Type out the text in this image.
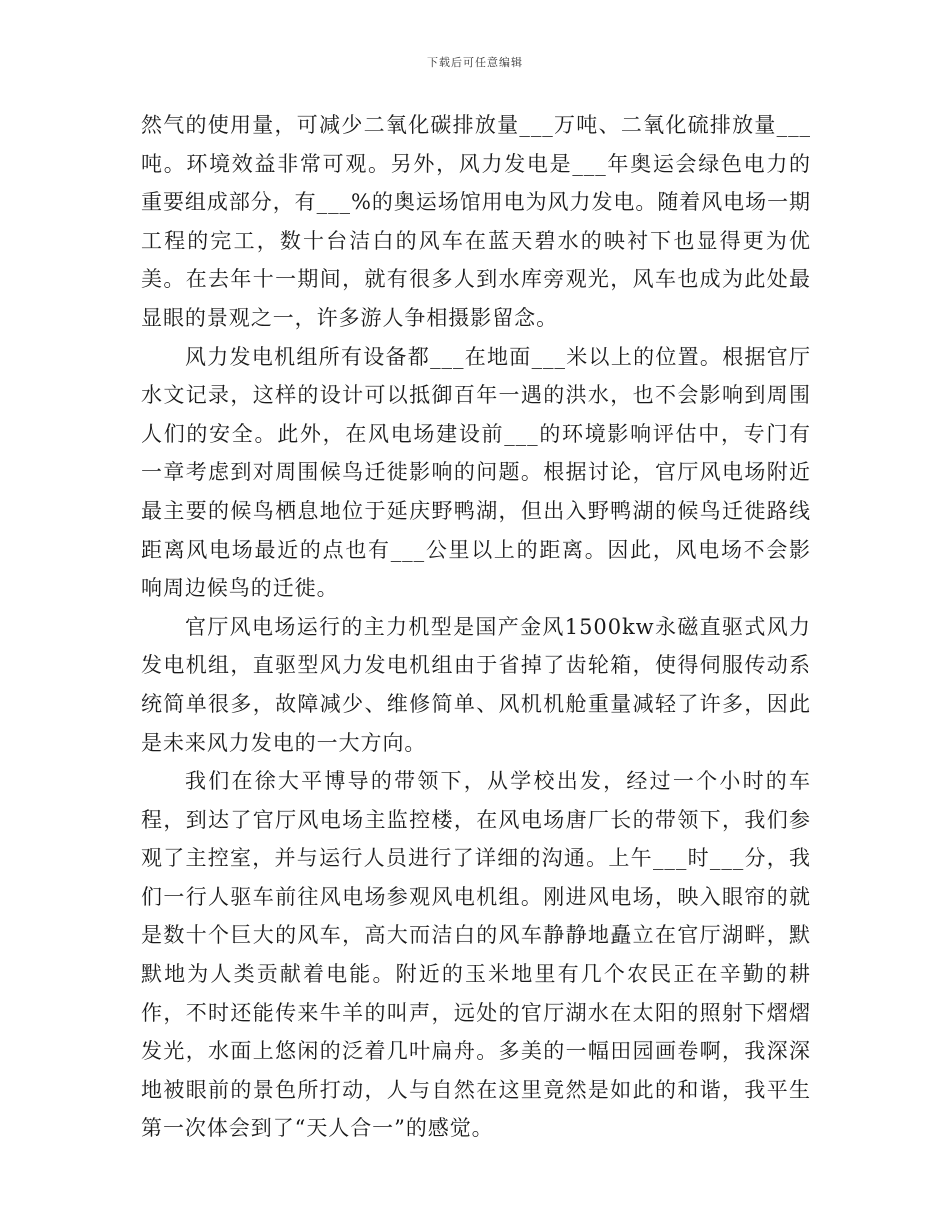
下载后可任意编辑

然气的使用量，可减少二氧化碳排放量___万吨、二氧化硫排放量___吨。环境效益非常可观。另外，风力发电是___年奥运会绿色电力的重要组成部分，有___%的奥运场馆用电为风力发电。随着风电场一期工程的完工，数十台洁白的风车在蓝天碧水的映衬下也显得更为优美。在去年十一期间，就有很多人到水库旁观光，风车也成为此处最显眼的景观之一，许多游人争相摄影留念。

风力发电机组所有设备都___在地面___米以上的位置。根据官厅水文记录，这样的设计可以抵御百年一遇的洪水，也不会影响到周围人们的安全。此外，在风电场建设前___的环境影响评估中，专门有一章考虑到对周围候鸟迁徙影响的问题。根据讨论，官厅风电场附近最主要的候鸟栖息地位于延庆野鸭湖，但出入野鸭湖的候鸟迁徙路线距离风电场最近的点也有___公里以上的距离。因此，风电场不会影响周边候鸟的迁徙。

官厅风电场运行的主力机型是国产金风1500kw永磁直驱式风力发电机组，直驱型风力发电机组由于省掉了齿轮箱，使得伺服传动系统简单很多，故障减少、维修简单、风机机舱重量减轻了许多，因此是未来风力发电的一大方向。

我们在徐大平博导的带领下，从学校出发，经过一个小时的车程，到达了官厅风电场主监控楼，在风电场唐厂长的带领下，我们参观了主控室，并与运行人员进行了详细的沟通。上午___时___分，我们一行人驱车前往风电场参观风电机组。刚进风电场，映入眼帘的就是数十个巨大的风车，高大而洁白的风车静静地矗立在官厅湖畔，默默地为人类贡献着电能。附近的玉米地里有几个农民正在辛勤的耕作，不时还能传来牛羊的叫声，远处的官厅湖水在太阳的照射下熠熠发光，水面上悠闲的泛着几叶扁舟。多美的一幅田园画卷啊，我深深地被眼前的景色所打动，人与自然在这里竟然是如此的和谐，我平生第一次体会到了“天人合一”的感觉。
